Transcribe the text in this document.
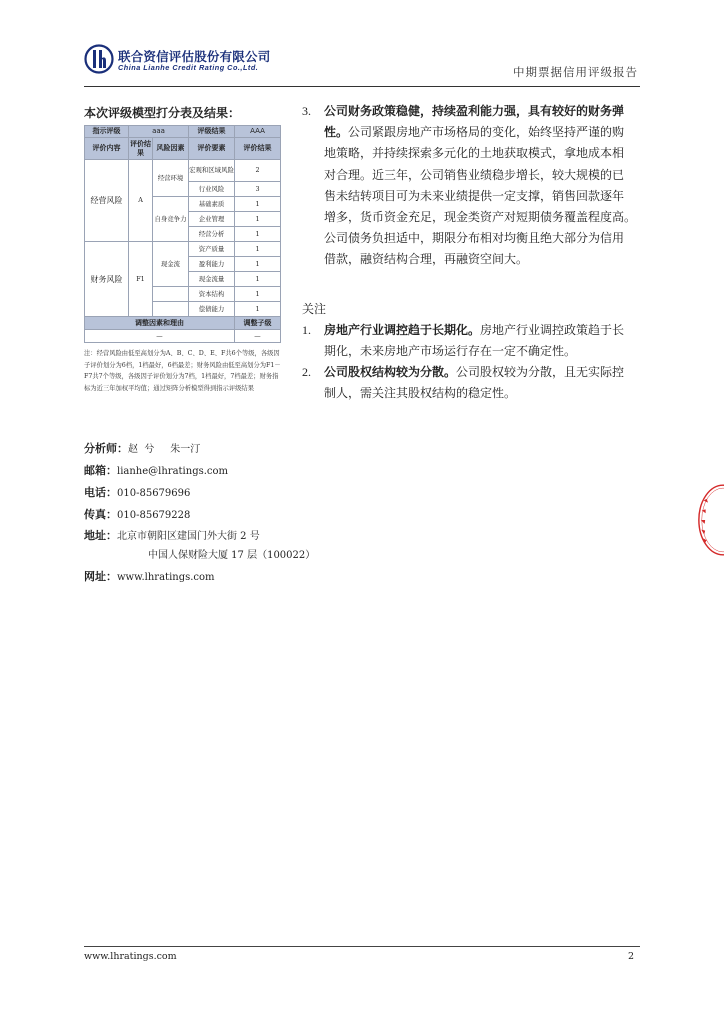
联合资信评估股份有限公司
China Lianhe Credit Rating Co.,Ltd.	中期票据信用评级报告
本次评级模型打分表及结果：
指示评级	aaa		评级结果	AAA
评价内容	评价结果	风险因素	评价要素	评价结果
经营风险	A	经营环境	宏观和区域风险	2
			行业风险	3
		自身竞争力	基础素质	1
			企业管理	1
			经营分析	1
财务风险	F1	现金流	资产质量	1
			盈利能力	1
			现金流量	1
			资本结构	1
			偿债能力	1
调整因素和理由				调整子级
—				—
注：经营风险由低至高划分为A、B、C、D、E、F共6个等级，各级因子评价划分为6档，1档最好，6档最差；财务风险由低至高划分为F1－F7共7个等级，各级因子评价划分为7档，1档最好，7档最差；财务指标为近三年加权平均值；通过矩阵分析模型得到指示评级结果
分析师：赵  兮     朱一汀
邮箱：lianhe@lhratings.com
电话：010-85679696
传真：010-85679228
地址：北京市朝阳区建国门外大街 2 号
中国人保财险大厦 17 层（100022）
网址：www.lhratings.com
3. 公司财务政策稳健，持续盈利能力强，具有较好的财务弹性。公司紧跟房地产市场格局的变化，始终坚持严谨的购
地策略，并持续探索多元化的土地获取模式，拿地成本相
对合理。近三年，公司销售业绩稳步增长，较大规模的已
售未结转项目可为未来业绩提供一定支撑，销售回款逐年
增多，货币资金充足，现金类资产对短期债务覆盖程度高。
公司债务负担适中，期限分布相对均衡且绝大部分为信用
借款，融资结构合理，再融资空间大。
关注
1. 房地产行业调控趋于长期化。房地产行业调控政策趋于长
期化，未来房地产市场运行存在一定不确定性。
2. 公司股权结构较为分散。公司股权较为分散，且无实际控
制人，需关注其股权结构的稳定性。
www.lhratings.com	2
